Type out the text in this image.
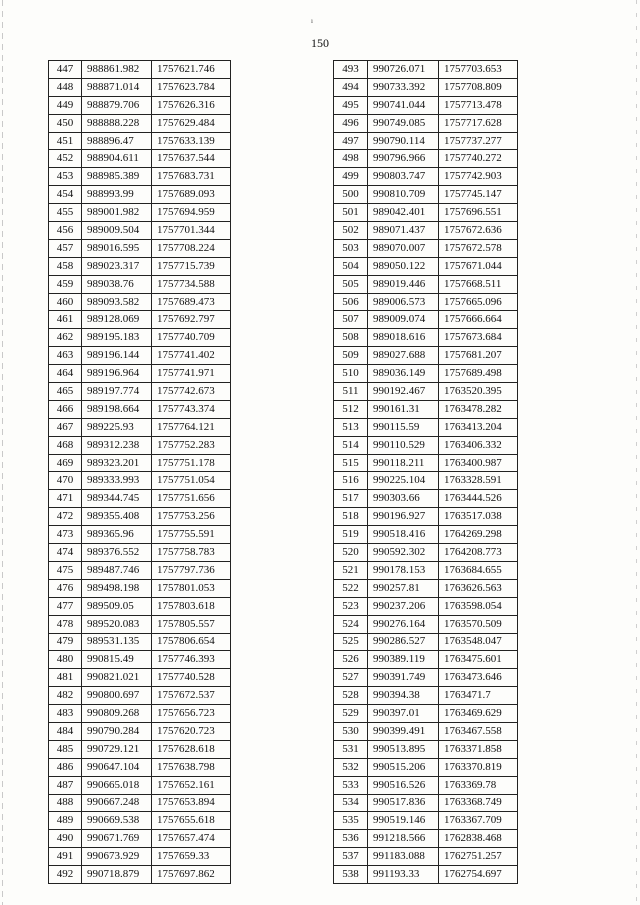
ı
150
447	988861.982	1757621.746
448	988871.014	1757623.784
449	988879.706	1757626.316
450	988888.228	1757629.484
451	988896.47	1757633.139
452	988904.611	1757637.544
453	988985.389	1757683.731
454	988993.99	1757689.093
455	989001.982	1757694.959
456	989009.504	1757701.344
457	989016.595	1757708.224
458	989023.317	1757715.739
459	989038.76	1757734.588
460	989093.582	1757689.473
461	989128.069	1757692.797
462	989195.183	1757740.709
463	989196.144	1757741.402
464	989196.964	1757741.971
465	989197.774	1757742.673
466	989198.664	1757743.374
467	989225.93	1757764.121
468	989312.238	1757752.283
469	989323.201	1757751.178
470	989333.993	1757751.054
471	989344.745	1757751.656
472	989355.408	1757753.256
473	989365.96	1757755.591
474	989376.552	1757758.783
475	989487.746	1757797.736
476	989498.198	1757801.053
477	989509.05	1757803.618
478	989520.083	1757805.557
479	989531.135	1757806.654
480	990815.49	1757746.393
481	990821.021	1757740.528
482	990800.697	1757672.537
483	990809.268	1757656.723
484	990790.284	1757620.723
485	990729.121	1757628.618
486	990647.104	1757638.798
487	990665.018	1757652.161
488	990667.248	1757653.894
489	990669.538	1757655.618
490	990671.769	1757657.474
491	990673.929	1757659.33
492	990718.879	1757697.862
493	990726.071	1757703.653
494	990733.392	1757708.809
495	990741.044	1757713.478
496	990749.085	1757717.628
497	990790.114	1757737.277
498	990796.966	1757740.272
499	990803.747	1757742.903
500	990810.709	1757745.147
501	989042.401	1757696.551
502	989071.437	1757672.636
503	989070.007	1757672.578
504	989050.122	1757671.044
505	989019.446	1757668.511
506	989006.573	1757665.096
507	989009.074	1757666.664
508	989018.616	1757673.684
509	989027.688	1757681.207
510	989036.149	1757689.498
511	990192.467	1763520.395
512	990161.31	1763478.282
513	990115.59	1763413.204
514	990110.529	1763406.332
515	990118.211	1763400.987
516	990225.104	1763328.591
517	990303.66	1763444.526
518	990196.927	1763517.038
519	990518.416	1764269.298
520	990592.302	1764208.773
521	990178.153	1763684.655
522	990257.81	1763626.563
523	990237.206	1763598.054
524	990276.164	1763570.509
525	990286.527	1763548.047
526	990389.119	1763475.601
527	990391.749	1763473.646
528	990394.38	1763471.7
529	990397.01	1763469.629
530	990399.491	1763467.558
531	990513.895	1763371.858
532	990515.206	1763370.819
533	990516.526	1763369.78
534	990517.836	1763368.749
535	990519.146	1763367.709
536	991218.566	1762838.468
537	991183.088	1762751.257
538	991193.33	1762754.697
